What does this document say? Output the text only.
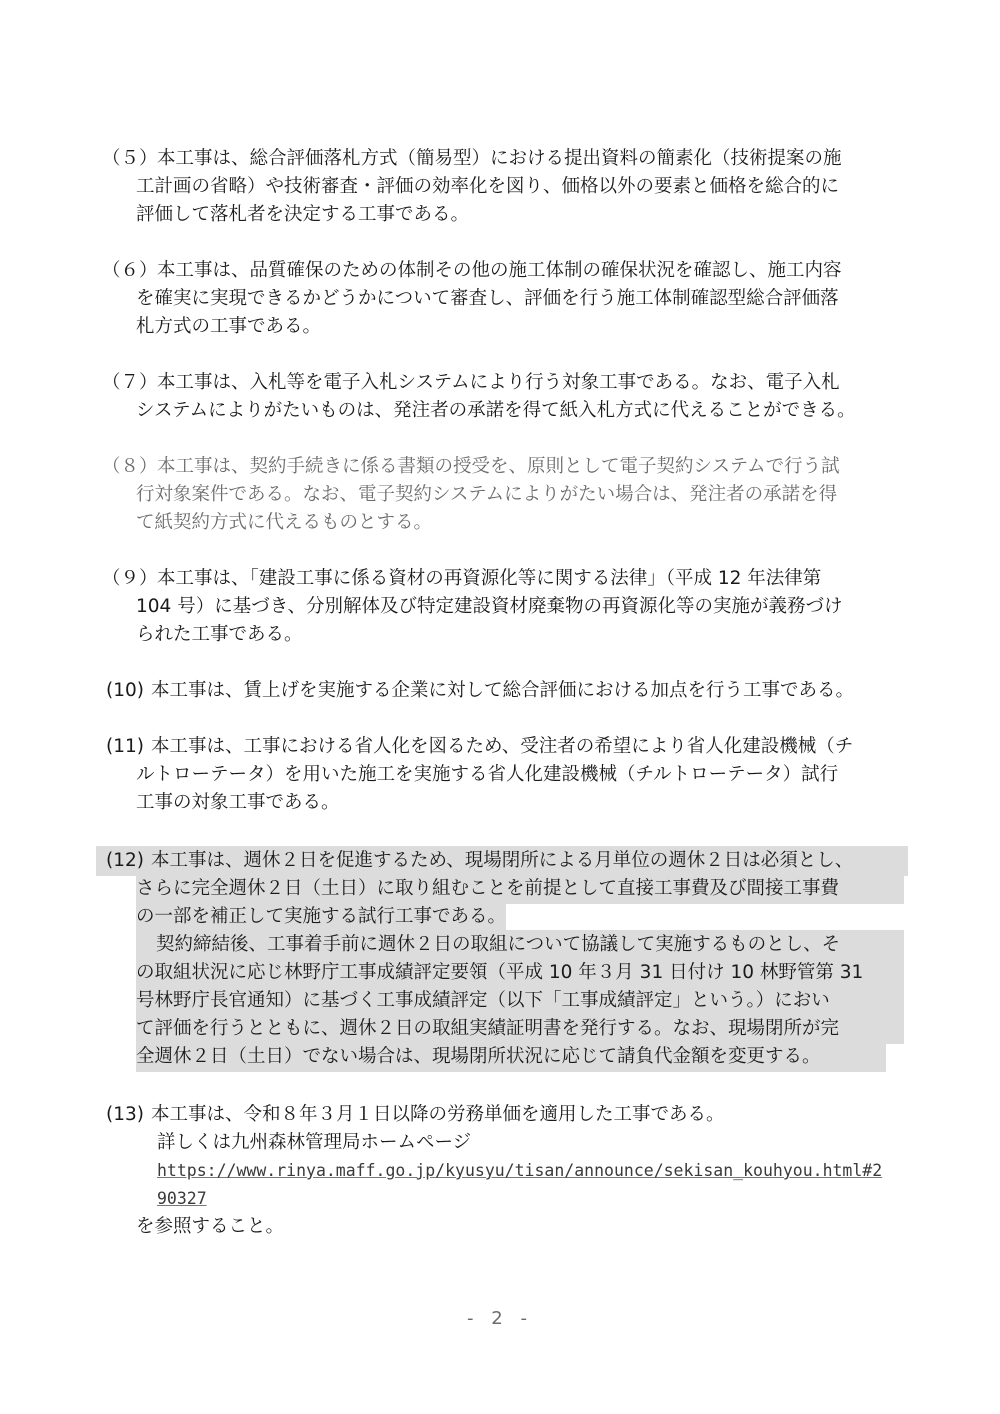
（５） 本工事は、総合評価落札方式（簡易型）における提出資料の簡素化（技術提案の施
工計画の省略）や技術審査・評価の効率化を図り、価格以外の要素と価格を総合的に
評価して落札者を決定する工事である。
（６） 本工事は、品質確保のための体制その他の施工体制の確保状況を確認し、施工内容
を確実に実現できるかどうかについて審査し、評価を行う施工体制確認型総合評価落
札方式の工事である。
（７） 本工事は、入札等を電子入札システムにより行う対象工事である。なお、電子入札
システムによりがたいものは、発注者の承諾を得て紙入札方式に代えることができる。
（８） 本工事は、契約手続きに係る書類の授受を、原則として電子契約システムで行う試
行対象案件である。なお、電子契約システムによりがたい場合は、発注者の承諾を得
て紙契約方式に代えるものとする。
（９） 本工事は、「建設工事に係る資材の再資源化等に関する法律」（平成 12 年法律第
104 号）に基づき、分別解体及び特定建設資材廃棄物の再資源化等の実施が義務づけ
られた工事である。
(10) 本工事は、賃上げを実施する企業に対して総合評価における加点を行う工事である。
(11) 本工事は、工事における省人化を図るため、受注者の希望により省人化建設機械（チ
ルトローテータ）を用いた施工を実施する省人化建設機械（チルトローテータ）試行
工事の対象工事である。
(12) 本工事は、週休２日を促進するため、現場閉所による月単位の週休２日は必須とし、
さらに完全週休２日（土日）に取り組むことを前提として直接工事費及び間接工事費
の一部を補正して実施する試行工事である。
契約締結後、工事着手前に週休２日の取組について協議して実施するものとし、そ
の取組状況に応じ林野庁工事成績評定要領（平成 10 年３月 31 日付け 10 林野管第 31
号林野庁長官通知）に基づく工事成績評定（以下「工事成績評定」という。）におい
て評価を行うとともに、週休２日の取組実績証明書を発行する。なお、現場閉所が完
全週休２日（土日）でない場合は、現場閉所状況に応じて請負代金額を変更する。
(13) 本工事は、令和８年３月１日以降の労務単価を適用した工事である。
詳しくは九州森林管理局ホームページ
https://www.rinya.maff.go.jp/kyusyu/tisan/announce/sekisan_kouhyou.html#2
90327
を参照すること。
- 2 -
